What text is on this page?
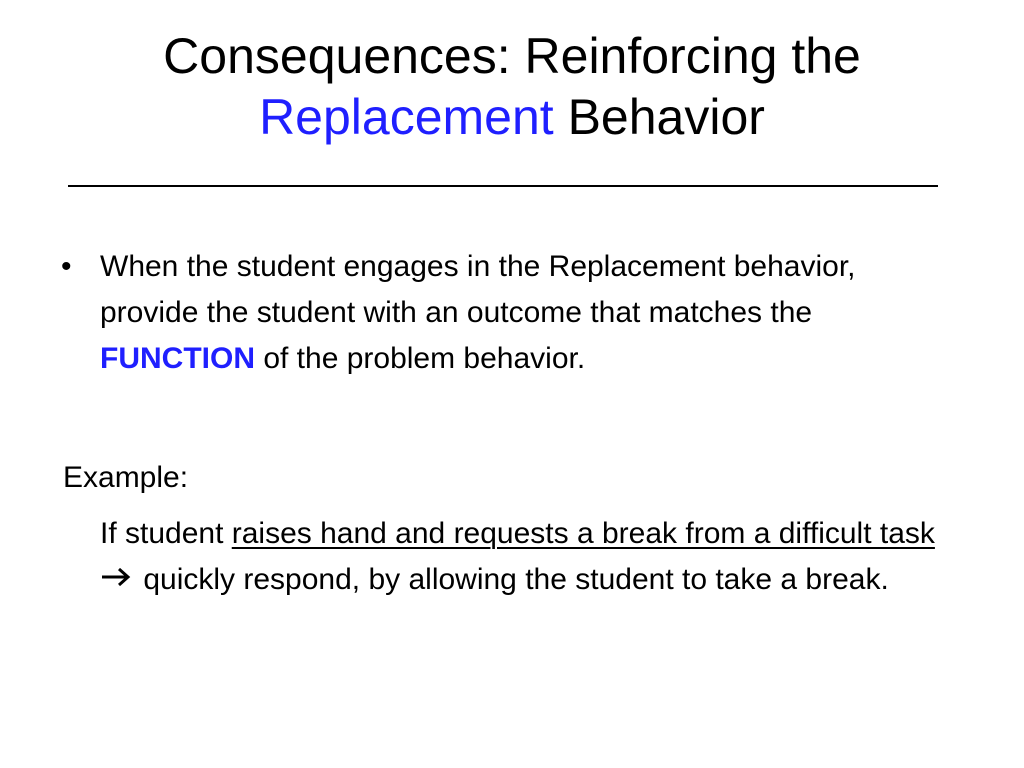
Consequences: Reinforcing the
Replacement Behavior
• When the student engages in the Replacement behavior, provide the student with an outcome that matches the FUNCTION of the problem behavior.
Example:
If student raises hand and requests a break from a difficult task quickly respond, by allowing the student to take a break.
